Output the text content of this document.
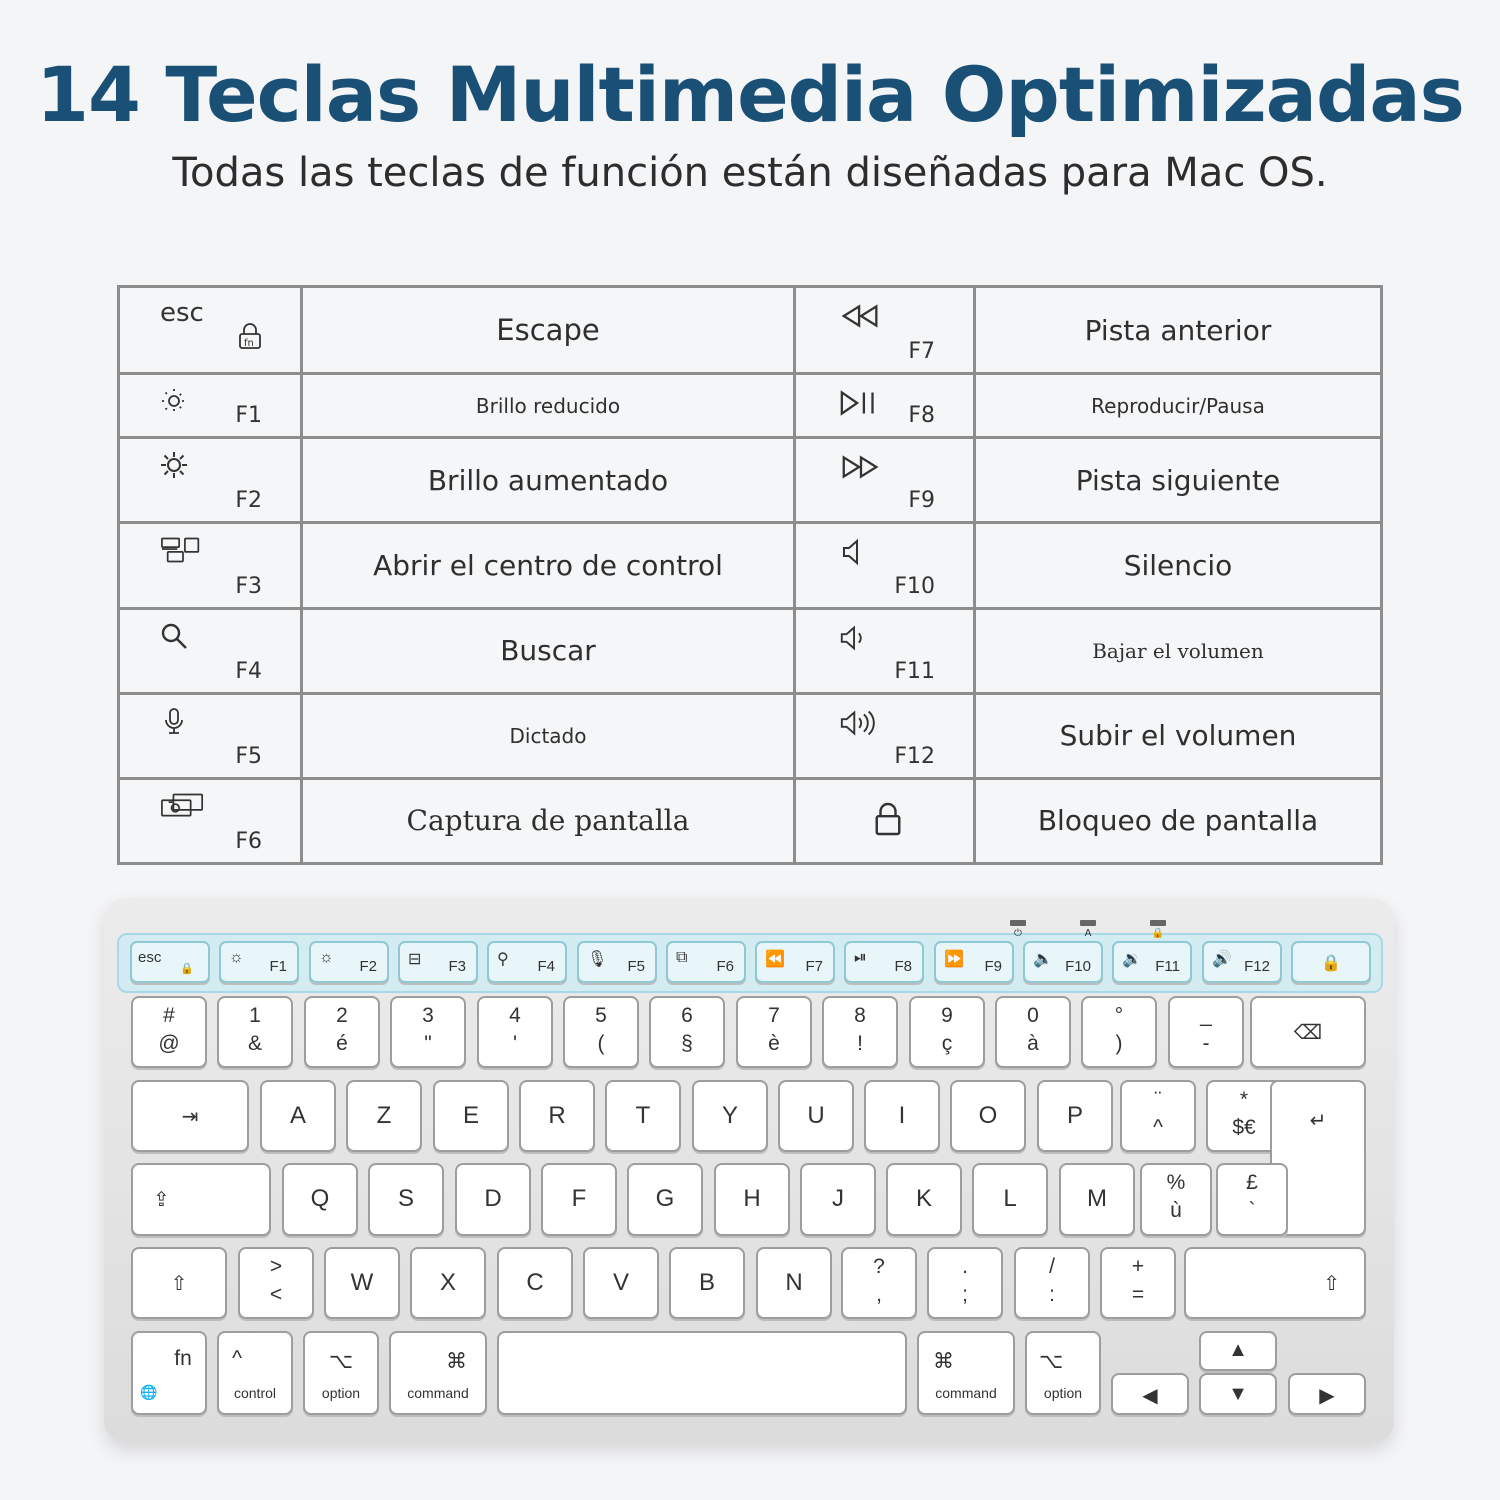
14 Teclas Multimedia Optimizadas

Todas las teclas de función están diseñadas para Mac OS.

esc
fn	Escape	F7	Pista anterior

F1	Brillo reducido	F8	Reproducir/Pausa

F2	Brillo aumentado	F9	Pista siguiente

F3	Abrir el centro de control	F10	Silencio

F4	Buscar	F11	Bajar el volumen

F5	Dictado	F12	Subir el volumen

F6	Captura de pantalla		Bloqueo de pantalla
⏻	A	🔒
🔒
esc	☼
F1
☼
F2 ⊟ F3 ⚲ F4 🎙 F5
⧉
F6 ⏪ F7
⏯
F8 ⏩ F9 🔈 F10 🔉 F11 🔊 F12	🔒
#
@
1
&
2
é
3
"
4
'
5
(
6
§
7
è
8
!
9
ç
0
à
°
)
_
-	⌫
⇥	A	Z	E	R	T	Y	U	I	O	P
¨
^
*
$€	↵
⇪	Q	S	D	F	G	H	J	K	L	M
%
ù
£
`
⇧
>
<	W	X	C	V	B	N
?
,
.
;
/
:
+
=	⇧
fn
🌐
^
control
⌥
option
⌘
command
⌘
command
⌥
option	◀
▲
▼	▶
